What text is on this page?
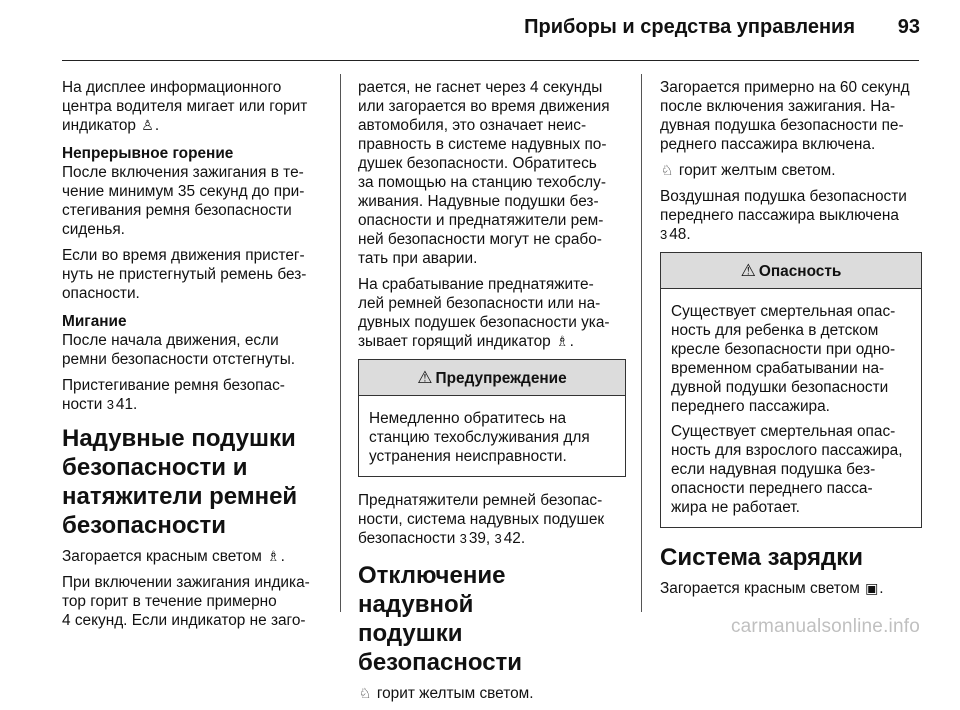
Приборы и средства управления	93
На дисплее информационного
центра водителя мигает или горит
индикатор ♙.
Непрерывное горение
После включения зажигания в те-
чение минимум 35 секунд до при-
стегивания ремня безопасности
сиденья.
Если во время движения пристег-
нуть не пристегнутый ремень без-
опасности.
Мигание
После начала движения, если
ремни безопасности отстегнуты.
Пристегивание ремня безопас-
ности 3 41.
Надувные подушки
безопасности и
натяжители ремней
безопасности
Загорается красным светом ♗.
При включении зажигания индика-
тор горит в течение примерно
4 секунд. Если индикатор не заго-
рается, не гаснет через 4 секунды
или загорается во время движения
автомобиля, это означает неис-
правность в системе надувных по-
душек безопасности. Обратитесь
за помощью на станцию техобслу-
живания. Надувные подушки без-
опасности и преднатяжители рем-
ней безопасности могут не срабо-
тать при аварии.
На срабатывание преднатяжите-
лей ремней безопасности или на-
дувных подушек безопасности ука-
зывает горящий индикатор ♗.
⚠ Предупреждение
Немедленно обратитесь на
станцию техобслуживания для
устранения неисправности.
Преднатяжители ремней безопас-
ности, система надувных подушек
безопасности 3 39, 3 42.
Отключение надувной
подушки безопасности
♘ горит желтым светом.
Загорается примерно на 60 секунд
после включения зажигания. На-
дувная подушка безопасности пе-
реднего пассажира включена.
♘ горит желтым светом.
Воздушная подушка безопасности
переднего пассажира выключена
3 48.
⚠ Опасность
Существует смертельная опас-
ность для ребенка в детском
кресле безопасности при одно-
временном срабатывании на-
дувной подушки безопасности
переднего пассажира.
Существует смертельная опас-
ность для взрослого пассажира,
если надувная подушка без-
опасности переднего пасса-
жира не работает.
Система зарядки
Загорается красным светом ▣.
carmanualsonline.info
